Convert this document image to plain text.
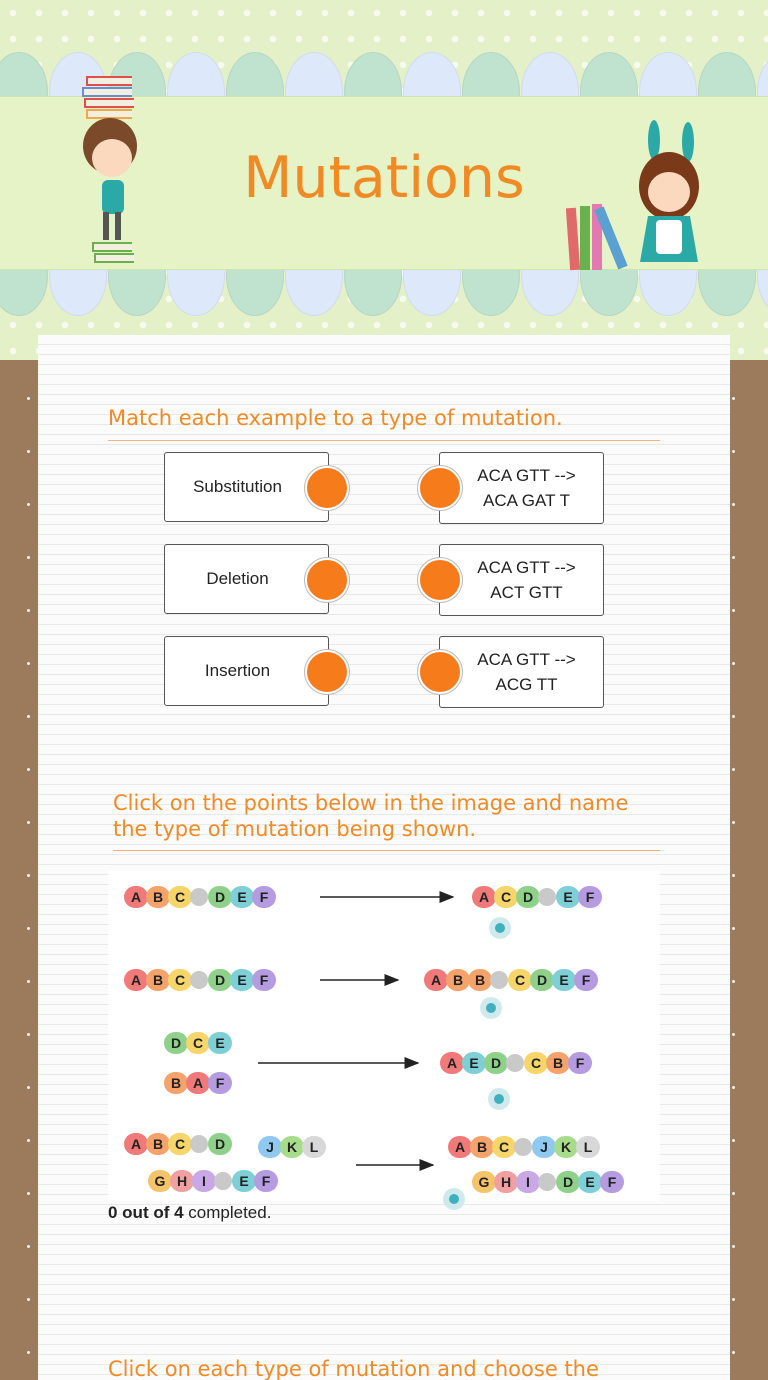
Mutations
Match each example to a type of mutation.
Substitution
Deletion
Insertion
ACA GTT -->
ACA GAT T
ACA GTT -->
ACT GTT
ACA GTT -->
ACG TT
Click on the points below in the image and name
the type of mutation being shown.
A B C D E F	A C D E F
A B C D E F	A B B C D E F
A E D C B F
D C E
B A F
A B C D	J K L
G H I E F
A B C J K L
G H I D E F
0 out of 4 completed.
Click on each type of mutation and choose the
